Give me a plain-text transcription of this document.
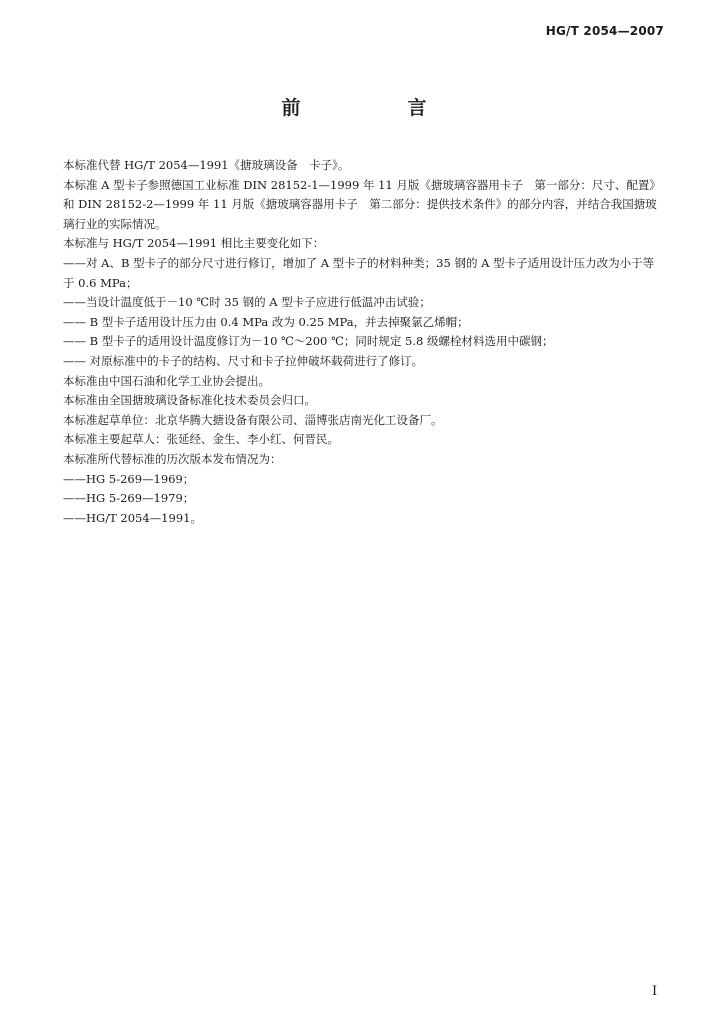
HG/T 2054—2007
前　言

本标准代替 HG/T 2054—1991《搪玻璃设备　卡子》。

本标准 A 型卡子参照德国工业标准 DIN 28152-1—1999 年 11 月版《搪玻璃容器用卡子　第一部分：尺寸、配置》和 DIN 28152-2—1999 年 11 月版《搪玻璃容器用卡子　第二部分：提供技术条件》的部分内容，并结合我国搪玻璃行业的实际情况。

本标准与 HG/T 2054—1991 相比主要变化如下：

——对 A、B 型卡子的部分尺寸进行修订，增加了 A 型卡子的材料种类；35 钢的 A 型卡子适用设计压力改为小于等于 0.6 MPa；

——当设计温度低于－10 ℃时 35 钢的 A 型卡子应进行低温冲击试验；

—— B 型卡子适用设计压力由 0.4 MPa 改为 0.25 MPa，并去掉聚氯乙烯帽；

—— B 型卡子的适用设计温度修订为－10 ℃～200 ℃；同时规定 5.8 级螺栓材料选用中碳钢；

—— 对原标准中的卡子的结构、尺寸和卡子拉伸破坏载荷进行了修订。

本标准由中国石油和化学工业协会提出。

本标准由全国搪玻璃设备标准化技术委员会归口。

本标准起草单位：北京华腾大搪设备有限公司、淄博张店南光化工设备厂。

本标准主要起草人：张延经、金生、李小红、何晋民。

本标准所代替标准的历次版本发布情况为：

——HG 5-269—1969；

——HG 5-269—1979；

——HG/T 2054—1991。

I
